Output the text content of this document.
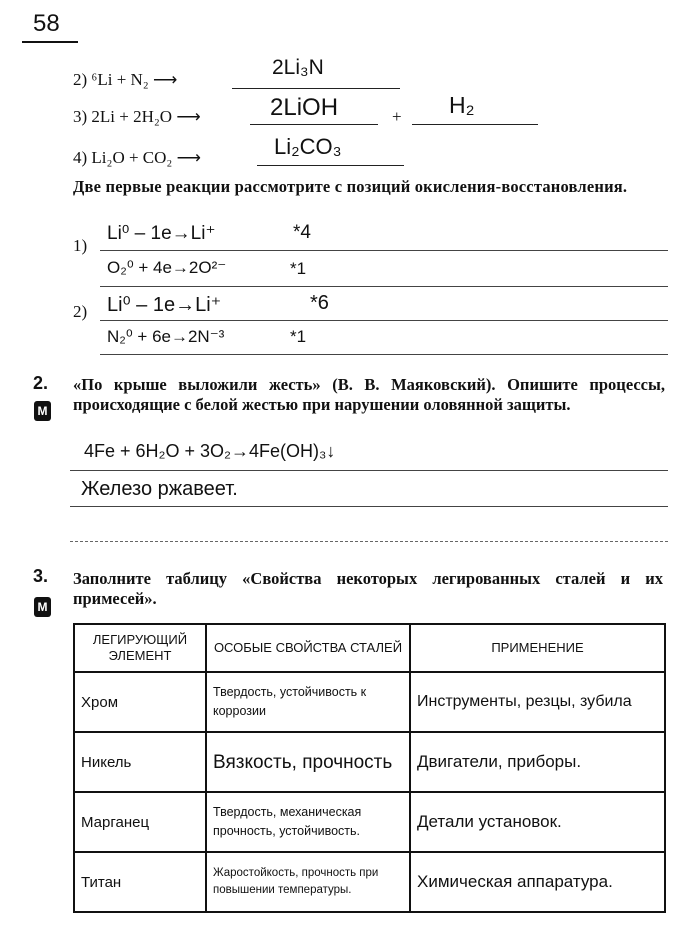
58
2) ⁶Li + N₂ ⟶
2Li₃N
3) 2Li + 2H₂O ⟶	2LiOH	+ H₂
4) Li₂O + CO₂ ⟶	Li₂CO₃
Две первые реакции рассмотрите с позиций окисления-восстановления.
1)
Li⁰ – 1e→Li⁺	*4
O₂⁰ + 4e→2O²⁻	*1
2) Li⁰ – 1e→Li⁺	*6
N₂⁰ + 6e→2N⁻³	*1
2.
М
«По крыше выложили жесть» (В. В. Маяковский). Опишите процессы, происходящие с белой жестью при нарушении оловянной защиты.
4Fe + 6H₂O + 3O₂→4Fe(OH)₃↓
Железо ржавеет.
3.
М
Заполните таблицу «Свойства некоторых легированных сталей и их примесей».
ЛЕГИРУЮЩИЙ ЭЛЕМЕНТ	ОСОБЫЕ СВОЙСТВА СТАЛЕЙ	ПРИМЕНЕНИЕ
Хром	Твердость, устойчивость к коррозии	Инструменты, резцы, зубила
Никель	Вязкость, прочность	Двигатели, приборы.
Марганец	Твердость, механическая прочность, устойчивость.	Детали установок.
Титан	Жаростойкость, прочность при повышении температуры.	Химическая аппаратура.
